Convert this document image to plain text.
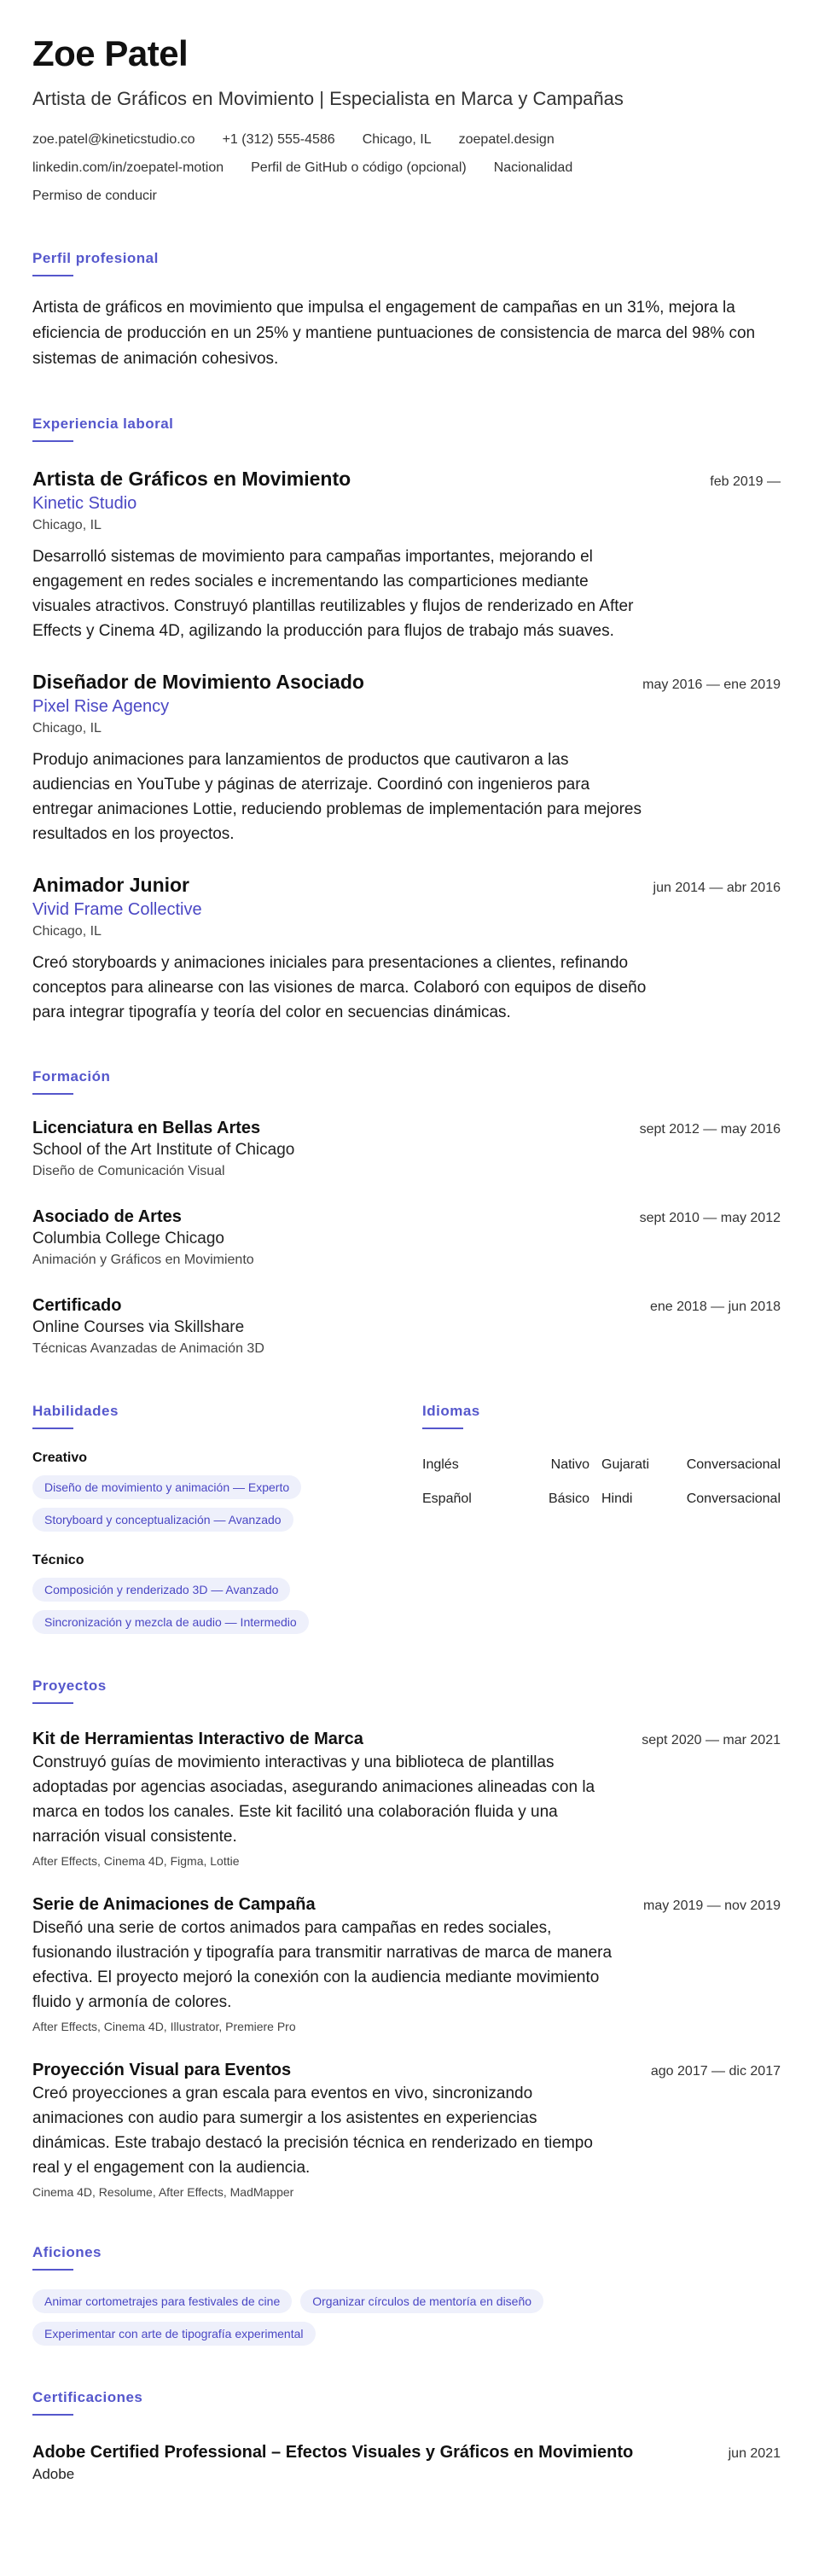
Zoe Patel
Artista de Gráficos en Movimiento | Especialista en Marca y Campañas
zoe.patel@kineticstudio.co +1 (312) 555-4586 Chicago, IL zoepatel.design
linkedin.com/in/zoepatel-motion Perfil de GitHub o código (opcional) Nacionalidad
Permiso de conducir
Perfil profesional
Artista de gráficos en movimiento que impulsa el engagement de campañas en un 31%, mejora la eficiencia de producción en un 25% y mantiene puntuaciones de consistencia de marca del 98% con sistemas de animación cohesivos.
Experiencia laboral
Artista de Gráficos en Movimiento	feb 2019 —
Kinetic Studio
Chicago, IL
Desarrolló sistemas de movimiento para campañas importantes, mejorando el engagement en redes sociales e incrementando las comparticiones mediante visuales atractivos. Construyó plantillas reutilizables y flujos de renderizado en After Effects y Cinema 4D, agilizando la producción para flujos de trabajo más suaves.
Diseñador de Movimiento Asociado	may 2016 — ene 2019
Pixel Rise Agency
Chicago, IL
Produjo animaciones para lanzamientos de productos que cautivaron a las audiencias en YouTube y páginas de aterrizaje. Coordinó con ingenieros para entregar animaciones Lottie, reduciendo problemas de implementación para mejores resultados en los proyectos.
Animador Junior	jun 2014 — abr 2016
Vivid Frame Collective
Chicago, IL
Creó storyboards y animaciones iniciales para presentaciones a clientes, refinando conceptos para alinearse con las visiones de marca. Colaboró con equipos de diseño para integrar tipografía y teoría del color en secuencias dinámicas.
Formación
Licenciatura en Bellas Artes	sept 2012 — may 2016
School of the Art Institute of Chicago
Diseño de Comunicación Visual
Asociado de Artes	sept 2010 — may 2012
Columbia College Chicago
Animación y Gráficos en Movimiento
Certificado	ene 2018 — jun 2018
Online Courses via Skillshare
Técnicas Avanzadas de Animación 3D
Habilidades
Creativo
Diseño de movimiento y animación — Experto
Storyboard y conceptualización — Avanzado
Técnico
Composición y renderizado 3D — Avanzado
Sincronización y mezcla de audio — Intermedio
Idiomas
Inglés	Nativo Gujarati	Conversacional
Español	Básico Hindi	Conversacional
Proyectos
Kit de Herramientas Interactivo de Marca	sept 2020 — mar 2021
Construyó guías de movimiento interactivas y una biblioteca de plantillas adoptadas por agencias asociadas, asegurando animaciones alineadas con la marca en todos los canales. Este kit facilitó una colaboración fluida y una narración visual consistente.
After Effects, Cinema 4D, Figma, Lottie
Serie de Animaciones de Campaña	may 2019 — nov 2019
Diseñó una serie de cortos animados para campañas en redes sociales, fusionando ilustración y tipografía para transmitir narrativas de marca de manera efectiva. El proyecto mejoró la conexión con la audiencia mediante movimiento fluido y armonía de colores.
After Effects, Cinema 4D, Illustrator, Premiere Pro
Proyección Visual para Eventos	ago 2017 — dic 2017
Creó proyecciones a gran escala para eventos en vivo, sincronizando animaciones con audio para sumergir a los asistentes en experiencias dinámicas. Este trabajo destacó la precisión técnica en renderizado en tiempo real y el engagement con la audiencia.
Cinema 4D, Resolume, After Effects, MadMapper
Aficiones
Animar cortometrajes para festivales de cine	Organizar círculos de mentoría en diseño
Experimentar con arte de tipografía experimental
Certificaciones
Adobe Certified Professional – Efectos Visuales y Gráficos en Movimiento	jun 2021
Adobe
